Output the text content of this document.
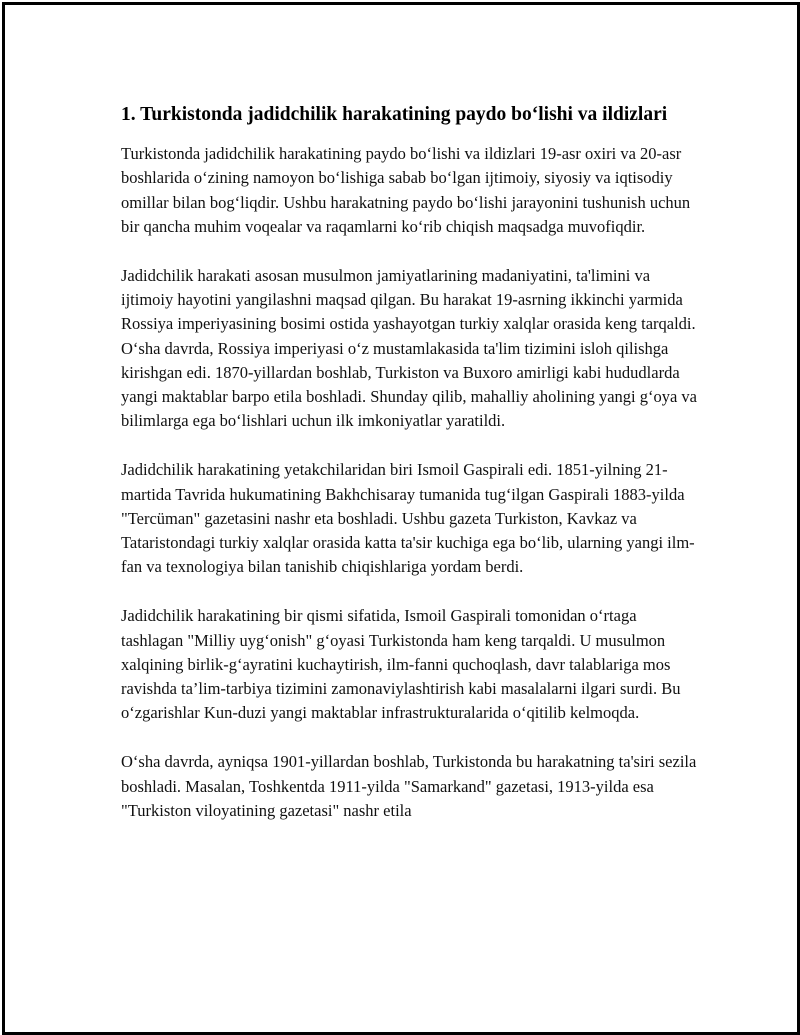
1. Turkistonda jadidchilik harakatining paydo bo‘lishi va ildizlari

Turkistonda jadidchilik harakatining paydo bo‘lishi va ildizlari 19-asr oxiri va 20-asr boshlarida o‘zining namoyon bo‘lishiga sabab bo‘lgan ijtimoiy, siyosiy va iqtisodiy omillar bilan bog‘liqdir. Ushbu harakatning paydo bo‘lishi jarayonini tushunish uchun bir qancha muhim voqealar va raqamlarni ko‘rib chiqish maqsadga muvofiqdir.

Jadidchilik harakati asosan musulmon jamiyatlarining madaniyatini, ta'limini va ijtimoiy hayotini yangilashni maqsad qilgan. Bu harakat 19-asrning ikkinchi yarmida Rossiya imperiyasining bosimi ostida yashayotgan turkiy xalqlar orasida keng tarqaldi. O‘sha davrda, Rossiya imperiyasi o‘z mustamlakasida ta'lim tizimini isloh qilishga kirishgan edi. 1870-yillardan boshlab, Turkiston va Buxoro amirligi kabi hududlarda yangi maktablar barpo etila boshladi. Shunday qilib, mahalliy aholining yangi g‘oya va bilimlarga ega bo‘lishlari uchun ilk imkoniyatlar yaratildi.

Jadidchilik harakatining yetakchilaridan biri Ismoil Gaspirali edi. 1851-yilning 21-martida Tavrida hukumatining Bakhchisaray tumanida tug‘ilgan Gaspirali 1883-yilda "Tercüman" gazetasini nashr eta boshladi. Ushbu gazeta Turkiston, Kavkaz va Tataristondagi turkiy xalqlar orasida katta ta'sir kuchiga ega bo‘lib, ularning yangi ilm-fan va texnologiya bilan tanishib chiqishlariga yordam berdi.

Jadidchilik harakatining bir qismi sifatida, Ismoil Gaspirali tomonidan o‘rtaga tashlagan "Milliy uyg‘onish" g‘oyasi Turkistonda ham keng tarqaldi. U musulmon xalqining birlik-g‘ayratini kuchaytirish, ilm-fanni quchoqlash, davr talablariga mos ravishda ta’lim-tarbiya tizimini zamonaviylashtirish kabi masalalarni ilgari surdi. Bu o‘zgarishlar Kun-duzi yangi maktablar infrastrukturalarida o‘qitilib kelmoqda.

O‘sha davrda, ayniqsa 1901-yillardan boshlab, Turkistonda bu harakatning ta'siri sezila boshladi. Masalan, Toshkentda 1911-yilda "Samarkand" gazetasi, 1913-yilda esa "Turkiston viloyatining gazetasi" nashr etila
